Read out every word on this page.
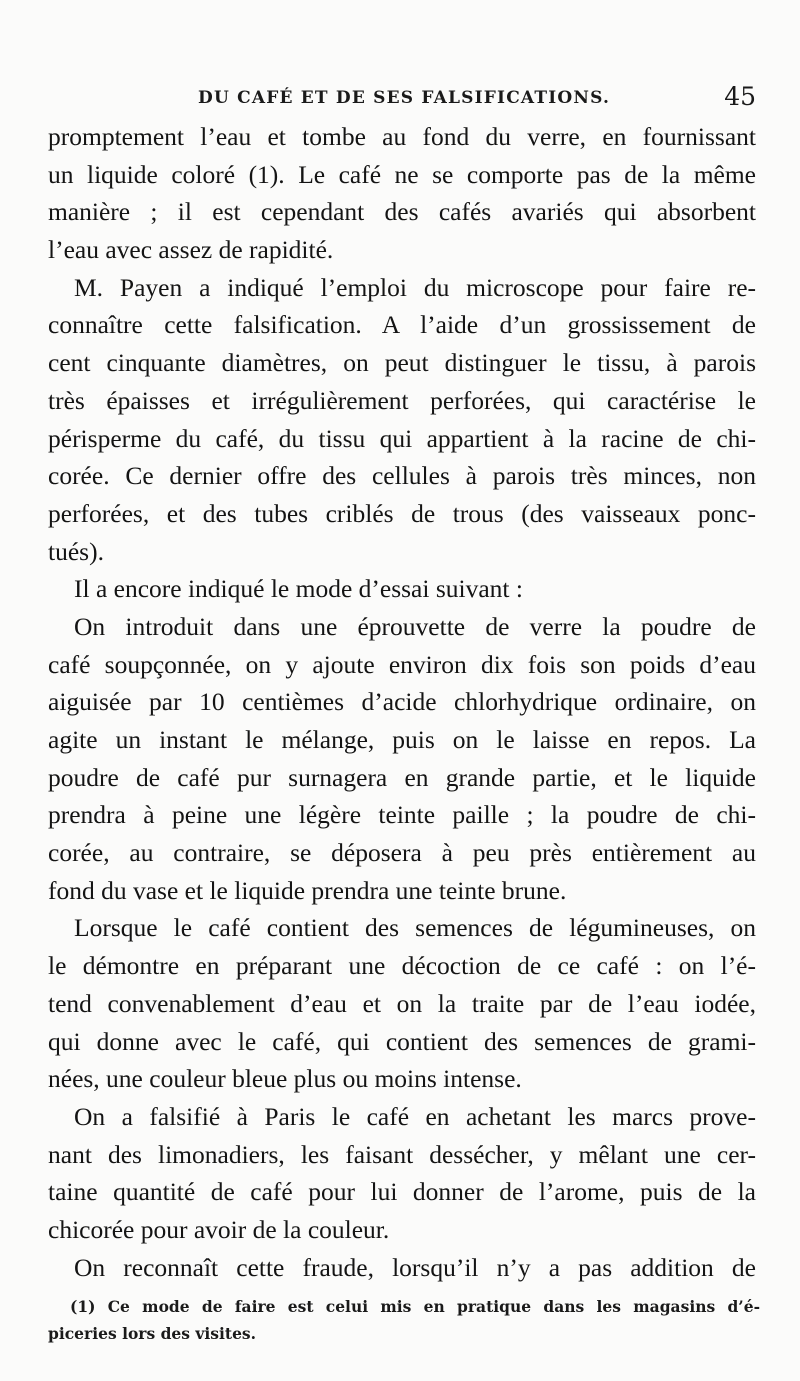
DU CAFÉ ET DE SES FALSIFICATIONS.	45
promptement l’eau et tombe au fond du verre, en fournissant
un liquide coloré (1). Le café ne se comporte pas de la même
manière ; il est cependant des cafés avariés qui absorbent
l’eau avec assez de rapidité.
M. Payen a indiqué l’emploi du microscope pour faire re-
connaître cette falsification. A l’aide d’un grossissement de
cent cinquante diamètres, on peut distinguer le tissu, à parois
très épaisses et irrégulièrement perforées, qui caractérise le
périsperme du café, du tissu qui appartient à la racine de chi-
corée. Ce dernier offre des cellules à parois très minces, non
perforées, et des tubes criblés de trous (des vaisseaux ponc-
tués).
Il a encore indiqué le mode d’essai suivant :
On introduit dans une éprouvette de verre la poudre de
café soupçonnée, on y ajoute environ dix fois son poids d’eau
aiguisée par 10 centièmes d’acide chlorhydrique ordinaire, on
agite un instant le mélange, puis on le laisse en repos. La
poudre de café pur surnagera en grande partie, et le liquide
prendra à peine une légère teinte paille ; la poudre de chi-
corée, au contraire, se déposera à peu près entièrement au
fond du vase et le liquide prendra une teinte brune.
Lorsque le café contient des semences de légumineuses, on
le démontre en préparant une décoction de ce café : on l’é-
tend convenablement d’eau et on la traite par de l’eau iodée,
qui donne avec le café, qui contient des semences de grami-
nées, une couleur bleue plus ou moins intense.
On a falsifié à Paris le café en achetant les marcs prove-
nant des limonadiers, les faisant dessécher, y mêlant une cer-
taine quantité de café pour lui donner de l’arome, puis de la
chicorée pour avoir de la couleur.
On reconnaît cette fraude, lorsqu’il n’y a pas addition de
(1) Ce mode de faire est celui mis en pratique dans les magasins d’é-
piceries lors des visites.
